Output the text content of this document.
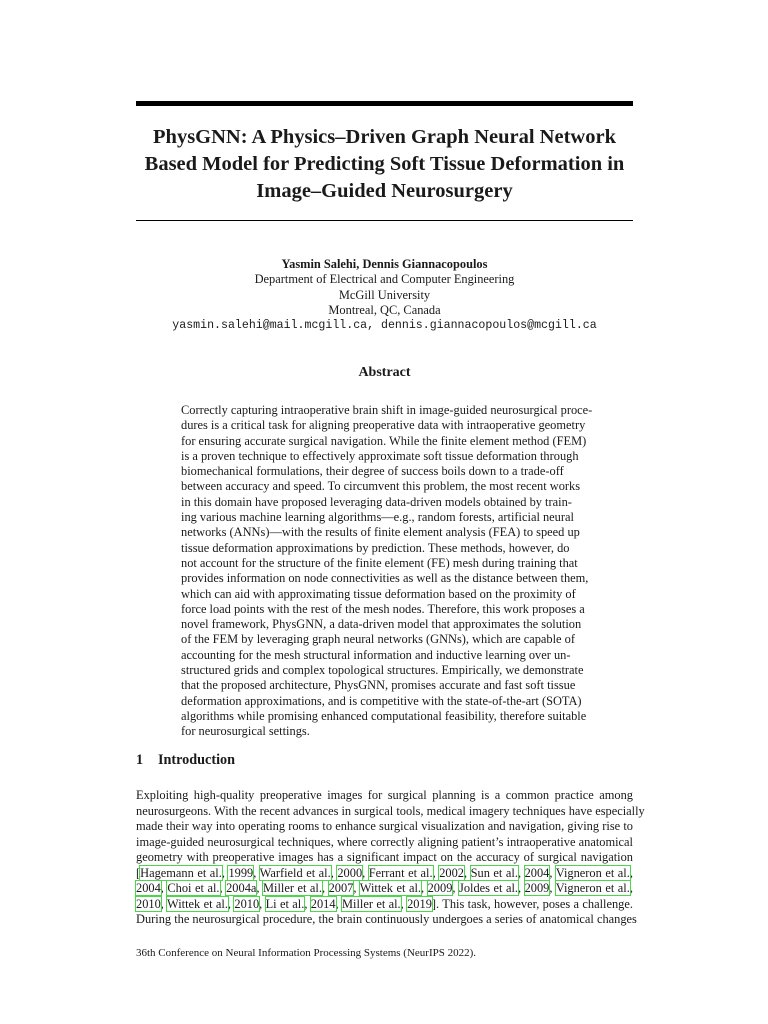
PhysGNN: A Physics–Driven Graph Neural Network
Based Model for Predicting Soft Tissue Deformation in
Image–Guided Neurosurgery
Yasmin Salehi, Dennis Giannacopoulos
Department of Electrical and Computer Engineering
McGill University
Montreal, QC, Canada
yasmin.salehi@mail.mcgill.ca, dennis.giannacopoulos@mcgill.ca
Abstract
Correctly capturing intraoperative brain shift in image-guided neurosurgical proce-
dures is a critical task for aligning preoperative data with intraoperative geometry
for ensuring accurate surgical navigation. While the finite element method (FEM)
is a proven technique to effectively approximate soft tissue deformation through
biomechanical formulations, their degree of success boils down to a trade-off
between accuracy and speed. To circumvent this problem, the most recent works
in this domain have proposed leveraging data-driven models obtained by train-
ing various machine learning algorithms—e.g., random forests, artificial neural
networks (ANNs)—with the results of finite element analysis (FEA) to speed up
tissue deformation approximations by prediction. These methods, however, do
not account for the structure of the finite element (FE) mesh during training that
provides information on node connectivities as well as the distance between them,
which can aid with approximating tissue deformation based on the proximity of
force load points with the rest of the mesh nodes. Therefore, this work proposes a
novel framework, PhysGNN, a data-driven model that approximates the solution
of the FEM by leveraging graph neural networks (GNNs), which are capable of
accounting for the mesh structural information and inductive learning over un-
structured grids and complex topological structures. Empirically, we demonstrate
that the proposed architecture, PhysGNN, promises accurate and fast soft tissue
deformation approximations, and is competitive with the state-of-the-art (SOTA)
algorithms while promising enhanced computational feasibility, therefore suitable
for neurosurgical settings.
1 Introduction
Exploiting high-quality preoperative images for surgical planning is a common practice among
neurosurgeons. With the recent advances in surgical tools, medical imagery techniques have especially
made their way into operating rooms to enhance surgical visualization and navigation, giving rise to
image-guided neurosurgical techniques, where correctly aligning patient’s intraoperative anatomical
geometry with preoperative images has a significant impact on the accuracy of surgical navigation
[Hagemann et al., 1999, Warfield et al., 2000, Ferrant et al., 2002, Sun et al., 2004, Vigneron et al.,
2004, Choi et al., 2004a, Miller et al., 2007, Wittek et al., 2009, Joldes et al., 2009, Vigneron et al.,
2010, Wittek et al., 2010, Li et al., 2014, Miller et al., 2019]. This task, however, poses a challenge.
During the neurosurgical procedure, the brain continuously undergoes a series of anatomical changes
36th Conference on Neural Information Processing Systems (NeurIPS 2022).
